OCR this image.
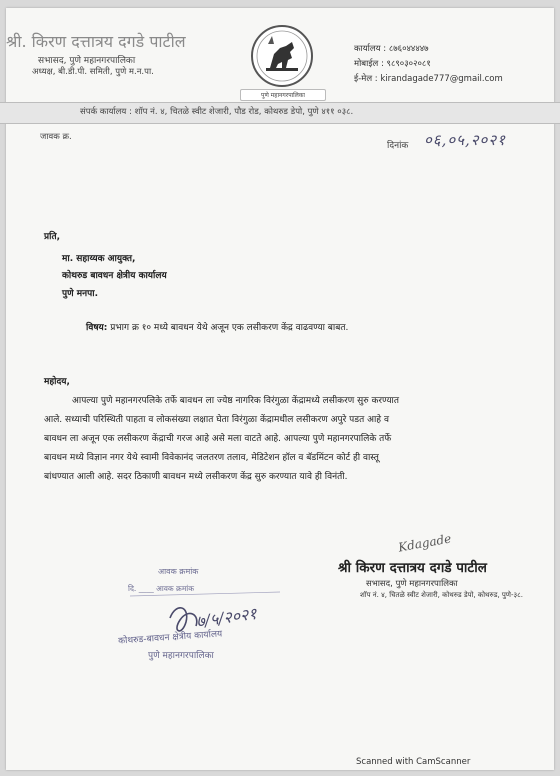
श्री. किरण दत्तात्रय दगडे पाटील
सभासद, पुणे महानगरपालिका
अध्यक्ष, बी.डी.पी. समिती, पुणे म.न.पा.
पुणे महानगरपालिका
कार्यालय : ८७६०४४४४७
मोबाईल : ९८९०३०२०८१
ई-मेल : kirandagade777@gmail.com
संपर्क कार्यालय : शॉप नं. ४, चितळे स्वीट शेजारी, पौड रोड, कोथरुड डेपो, पुणे ४११ ०३८.
जावक क्र.
दिनांक ०६,०५,२०२१
प्रति,
मा. सहाय्यक आयुक्त,
कोथरुड बावधन क्षेत्रीय कार्यालय
पुणे मनपा.
विषय: प्रभाग क्र १० मध्ये बावधन येथे अजून एक लसीकरण केंद्र वाढवण्या बाबत.
महोदय,
आपल्या पुणे महानगरपलिके तर्फे बावधन ला ज्येष्ठ नागरिक विरंगुळा केंद्रामध्ये लसीकरण सुरु करण्यात
आले. सध्याची परिस्थिती पाहता व लोकसंख्या लक्षात घेता विरंगुळा केंद्रामधील लसीकरण अपुरे पडत आहे व
बावधन ला अजून एक लसीकरण केंद्राची गरज आहे असे मला वाटते आहे. आपल्या पुणे महानगरपालिके तर्फे
बावधन मध्ये विज्ञान नगर येथे स्वामी विवेकानंद जलतरण तलाव, मेडिटेशन हॉल व बॅडमिंटन कोर्ट ही वास्तू
बांधण्यात आली आहे. सदर ठिकाणी बावधन मध्ये लसीकरण केंद्र सुरु करण्यात यावे ही विनंती.
Kdagade
श्री किरण दत्तात्रय दगडे पाटील
सभासद, पुणे महानगरपालिका
शॉप नं. ४, चितळे स्वीट शेजारी, कोथरुड डेपो, कोथरुड, पुणे-३८.
आवक क्रमांक
दि. ____ आवक क्रमांक
७/५/२०२१
कोथरुड-बावधन क्षेत्रीय कार्यालय
पुणे महानगरपालिका
Scanned with CamScanner
